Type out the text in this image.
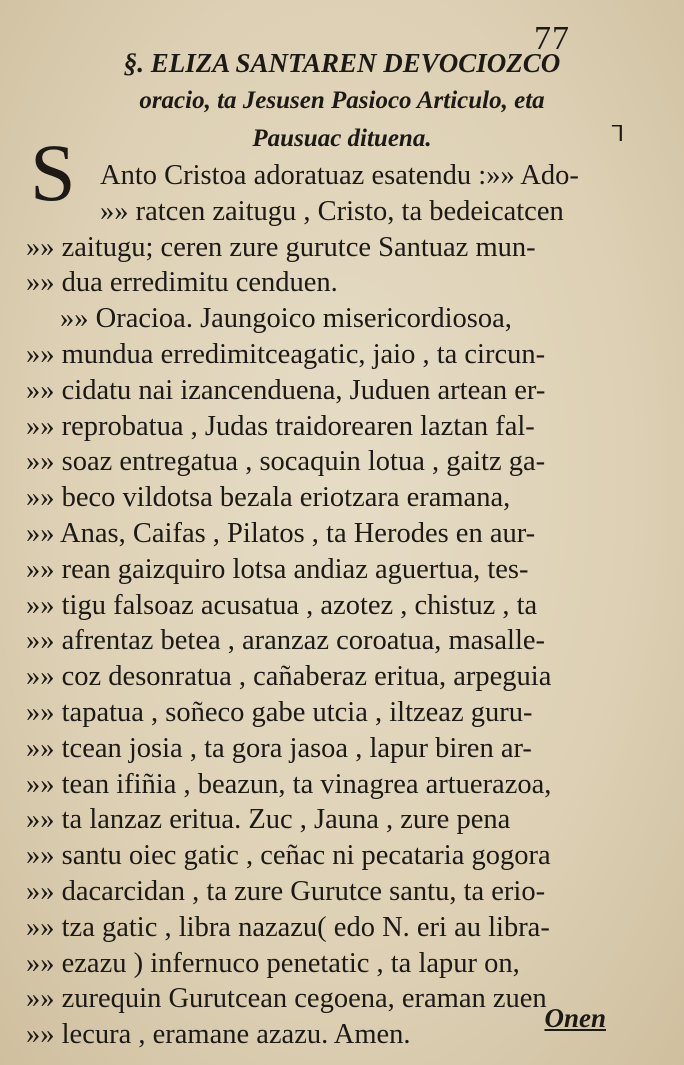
77
§. ELIZA SANTAREN DEVOCIOZCO
oracio, ta Jesusen Pasioco Articulo, eta
Pausuac dituena.	ᒣ
S Anto Cristoa adoratuaz esatendu :»» Ado-
»» ratcen zaitugu , Cristo, ta bedeicatcen
»» zaitugu; ceren zure gurutce Santuaz mun-
»» dua erredimitu cenduen.
»» Oracioa. Jaungoico misericordiosoa,
»» mundua erredimitceagatic, jaio , ta circun-
»» cidatu nai izancenduena, Juduen artean er-
»» reprobatua , Judas traidorearen laztan fal-
»» soaz entregatua , socaquin lotua , gaitz ga-
»» beco vildotsa bezala eriotzara eramana,
»» Anas, Caifas , Pilatos , ta Herodes en aur-
»» rean gaizquiro lotsa andiaz aguertua, tes-
»» tigu falsoaz acusatua , azotez , chistuz , ta
»» afrentaz betea , aranzaz coroatua, masalle-
»» coz desonratua , cañaberaz eritua, arpeguia
»» tapatua , soñeco gabe utcia , iltzeaz guru-
»» tcean josia , ta gora jasoa , lapur biren ar-
»» tean ifiñia , beazun, ta vinagrea artuerazoa,
»» ta lanzaz eritua. Zuc , Jauna , zure pena
»» santu oiec gatic , ceñac ni pecataria gogora
»» dacarcidan , ta zure Gurutce santu, ta erio-
»» tza gatic , libra nazazu( edo N. eri au libra-
»» ezazu ) infernuco penetatic , ta lapur on,
»» zurequin Gurutcean cegoena, eraman zuen
»» lecura , eramane azazu. Amen.
Onen
